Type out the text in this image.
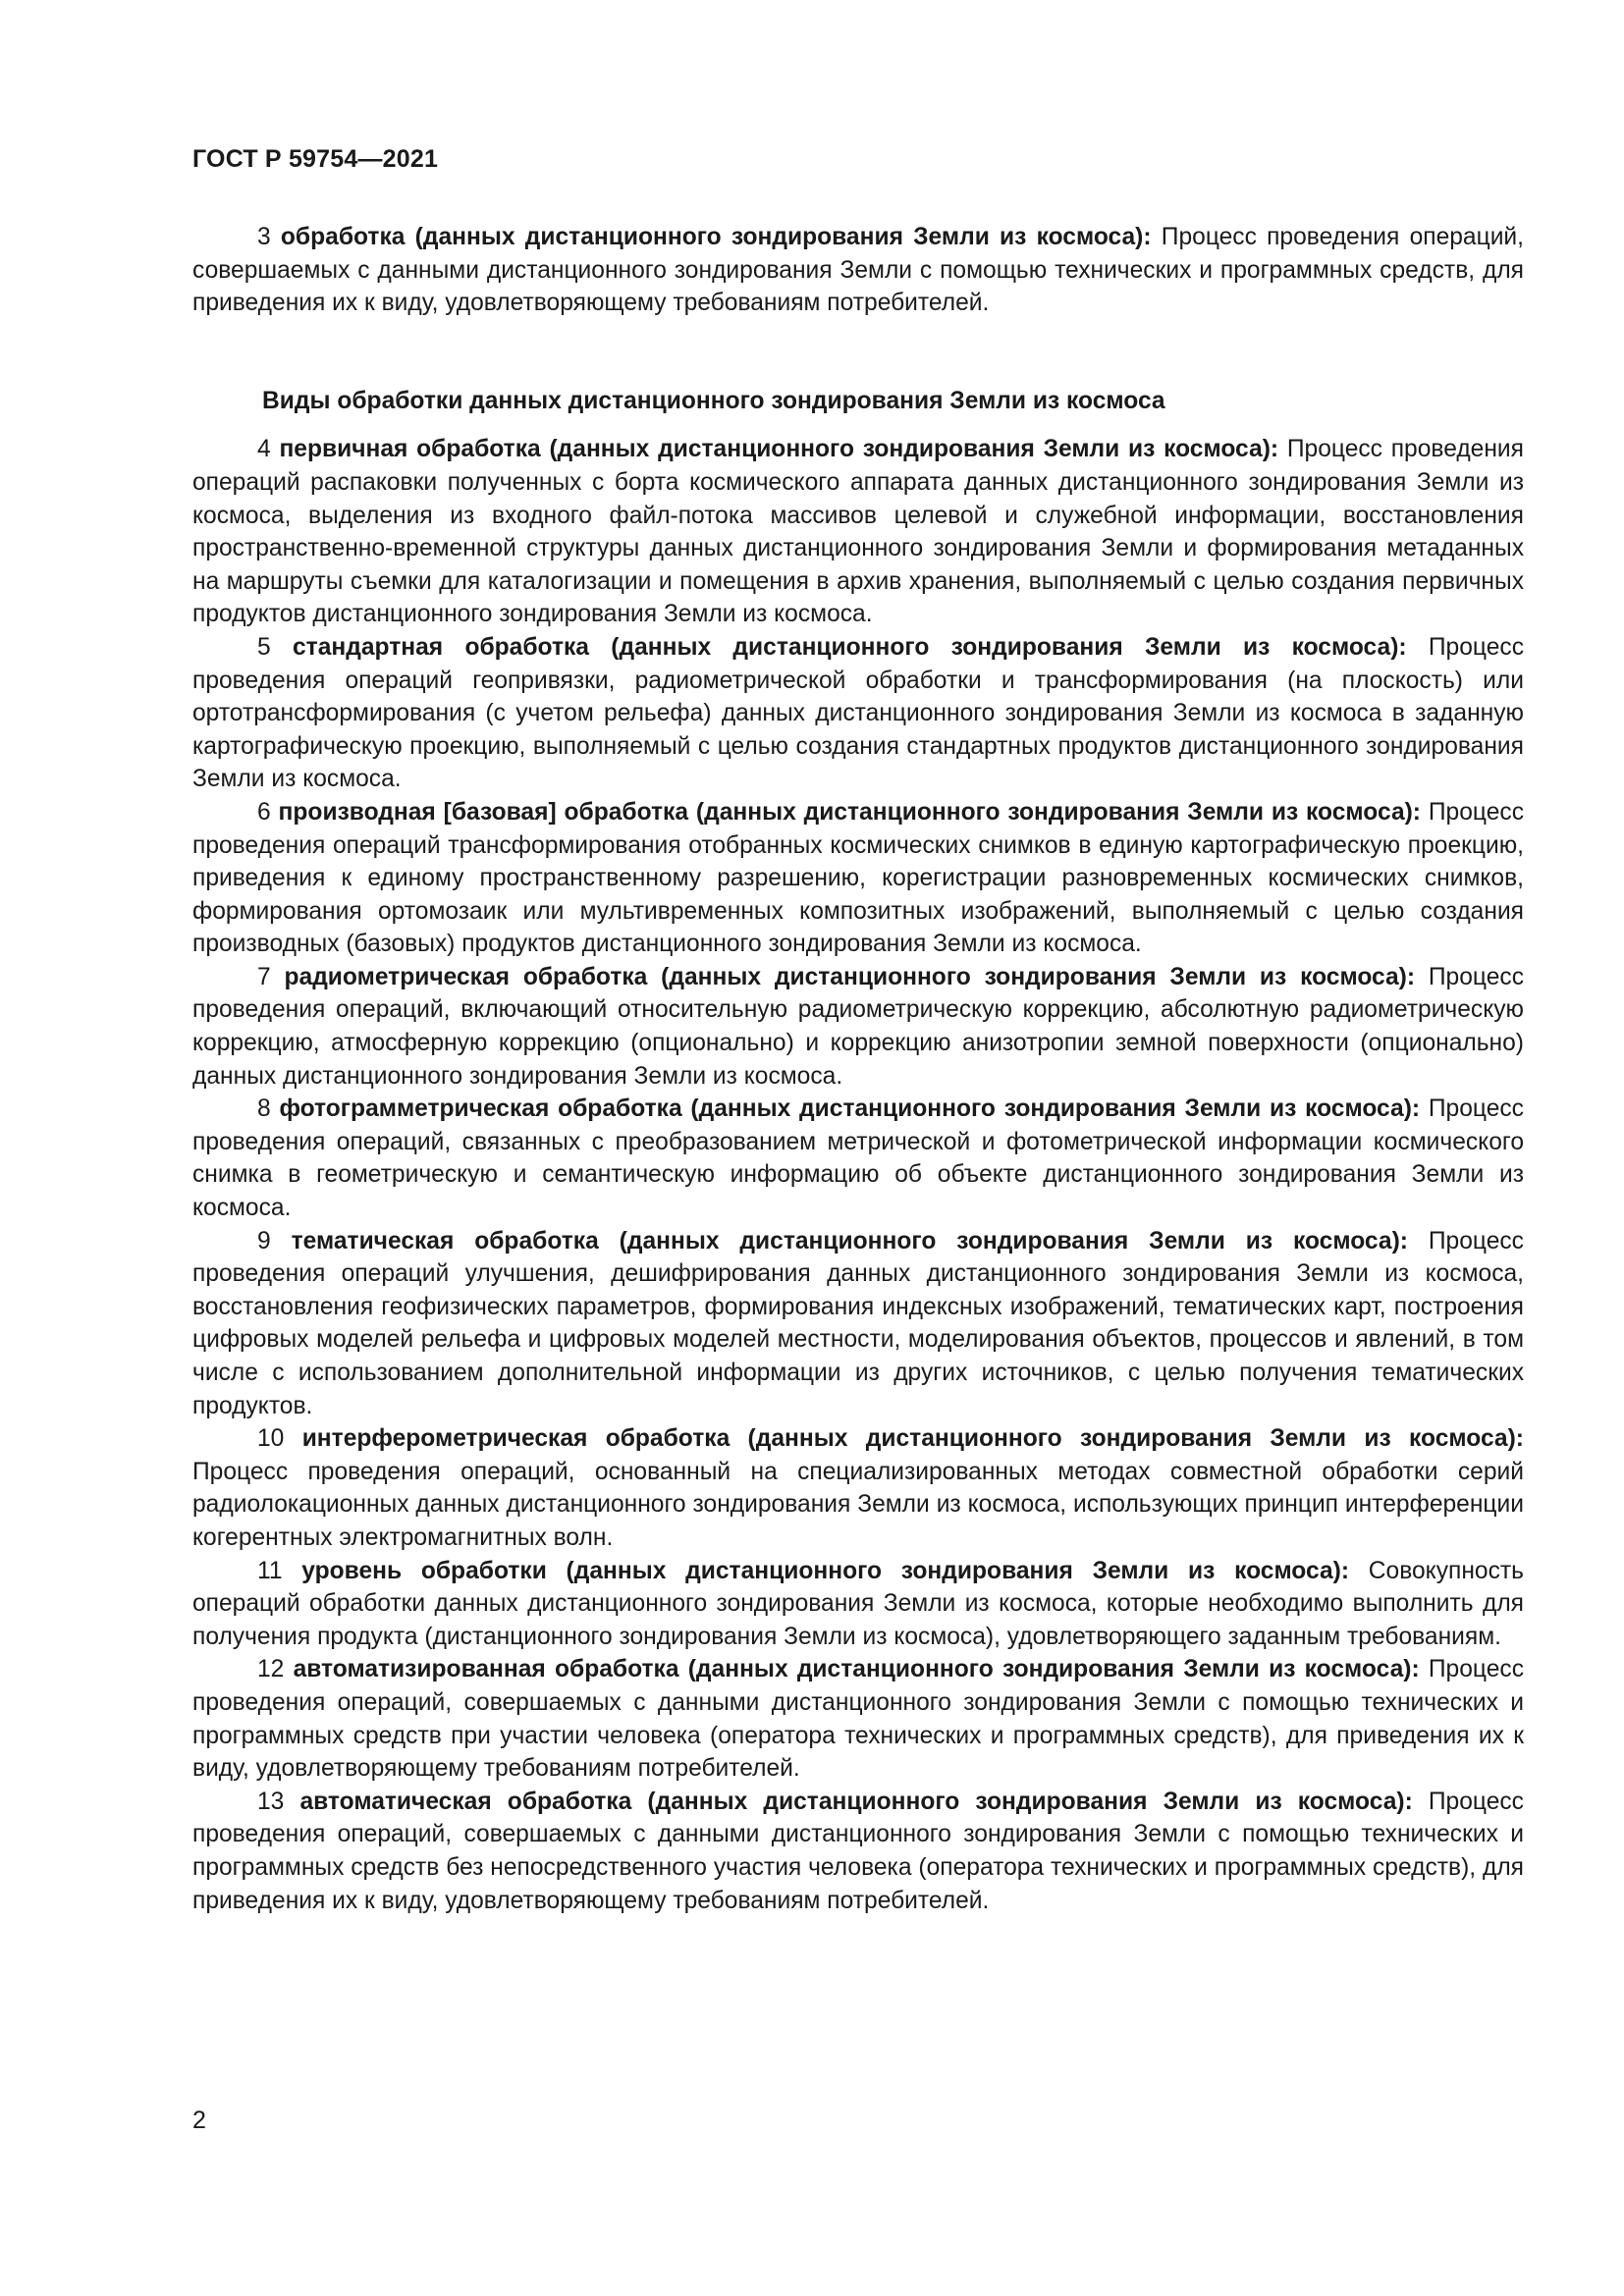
ГОСТ Р 59754—2021

3 обработка (данных дистанционного зондирования Земли из космоса): Процесс проведения операций, совершаемых с данными дистанционного зондирования Земли с помощью технических и программных средств, для приведения их к виду, удовлетворяющему требованиям потребителей.

Виды обработки данных дистанционного зондирования Земли из космоса

4 первичная обработка (данных дистанционного зондирования Земли из космоса): Процесс проведения операций распаковки полученных с борта космического аппарата данных дистанционного зондирования Земли из космоса, выделения из входного файл-потока массивов целевой и служебной информации, восстановления пространственно-временной структуры данных дистанционного зондирования Земли и формирования метаданных на маршруты съемки для каталогизации и помещения в архив хранения, выполняемый с целью создания первичных продуктов дистанционного зондирования Земли из космоса.

5 стандартная обработка (данных дистанционного зондирования Земли из космоса): Процесс проведения операций геопривязки, радиометрической обработки и трансформирования (на плоскость) или ортотрансформирования (с учетом рельефа) данных дистанционного зондирования Земли из космоса в заданную картографическую проекцию, выполняемый с целью создания стандартных продуктов дистанционного зондирования Земли из космоса.

6 производная [базовая] обработка (данных дистанционного зондирования Земли из космоса): Процесс проведения операций трансформирования отобранных космических снимков в единую картографическую проекцию, приведения к единому пространственному разрешению, корегистрации разновременных космических снимков, формирования ортомозаик или мультивременных композитных изображений, выполняемый с целью создания производных (базовых) продуктов дистанционного зондирования Земли из космоса.

7 радиометрическая обработка (данных дистанционного зондирования Земли из космоса): Процесс проведения операций, включающий относительную радиометрическую коррекцию, абсолютную радиометрическую коррекцию, атмосферную коррекцию (опционально) и коррекцию анизотропии земной поверхности (опционально) данных дистанционного зондирования Земли из космоса.

8 фотограмметрическая обработка (данных дистанционного зондирования Земли из космоса): Процесс проведения операций, связанных с преобразованием метрической и фотометрической информации космического снимка в геометрическую и семантическую информацию об объекте дистанционного зондирования Земли из космоса.

9 тематическая обработка (данных дистанционного зондирования Земли из космоса): Процесс проведения операций улучшения, дешифрирования данных дистанционного зондирования Земли из космоса, восстановления геофизических параметров, формирования индексных изображений, тематических карт, построения цифровых моделей рельефа и цифровых моделей местности, моделирования объектов, процессов и явлений, в том числе с использованием дополнительной информации из других источников, с целью получения тематических продуктов.

10 интерферометрическая обработка (данных дистанционного зондирования Земли из космоса): Процесс проведения операций, основанный на специализированных методах совместной обработки серий радиолокационных данных дистанционного зондирования Земли из космоса, использующих принцип интерференции когерентных электромагнитных волн.

11 уровень обработки (данных дистанционного зондирования Земли из космоса): Совокупность операций обработки данных дистанционного зондирования Земли из космоса, которые необходимо выполнить для получения продукта (дистанционного зондирования Земли из космоса), удовлетворяющего заданным требованиям.

12 автоматизированная обработка (данных дистанционного зондирования Земли из космоса): Процесс проведения операций, совершаемых с данными дистанционного зондирования Земли с помощью технических и программных средств при участии человека (оператора технических и программных средств), для приведения их к виду, удовлетворяющему требованиям потребителей.

13 автоматическая обработка (данных дистанционного зондирования Земли из космоса): Процесс проведения операций, совершаемых с данными дистанционного зондирования Земли с помощью технических и программных средств без непосредственного участия человека (оператора технических и программных средств), для приведения их к виду, удовлетворяющему требованиям потребителей.

2
